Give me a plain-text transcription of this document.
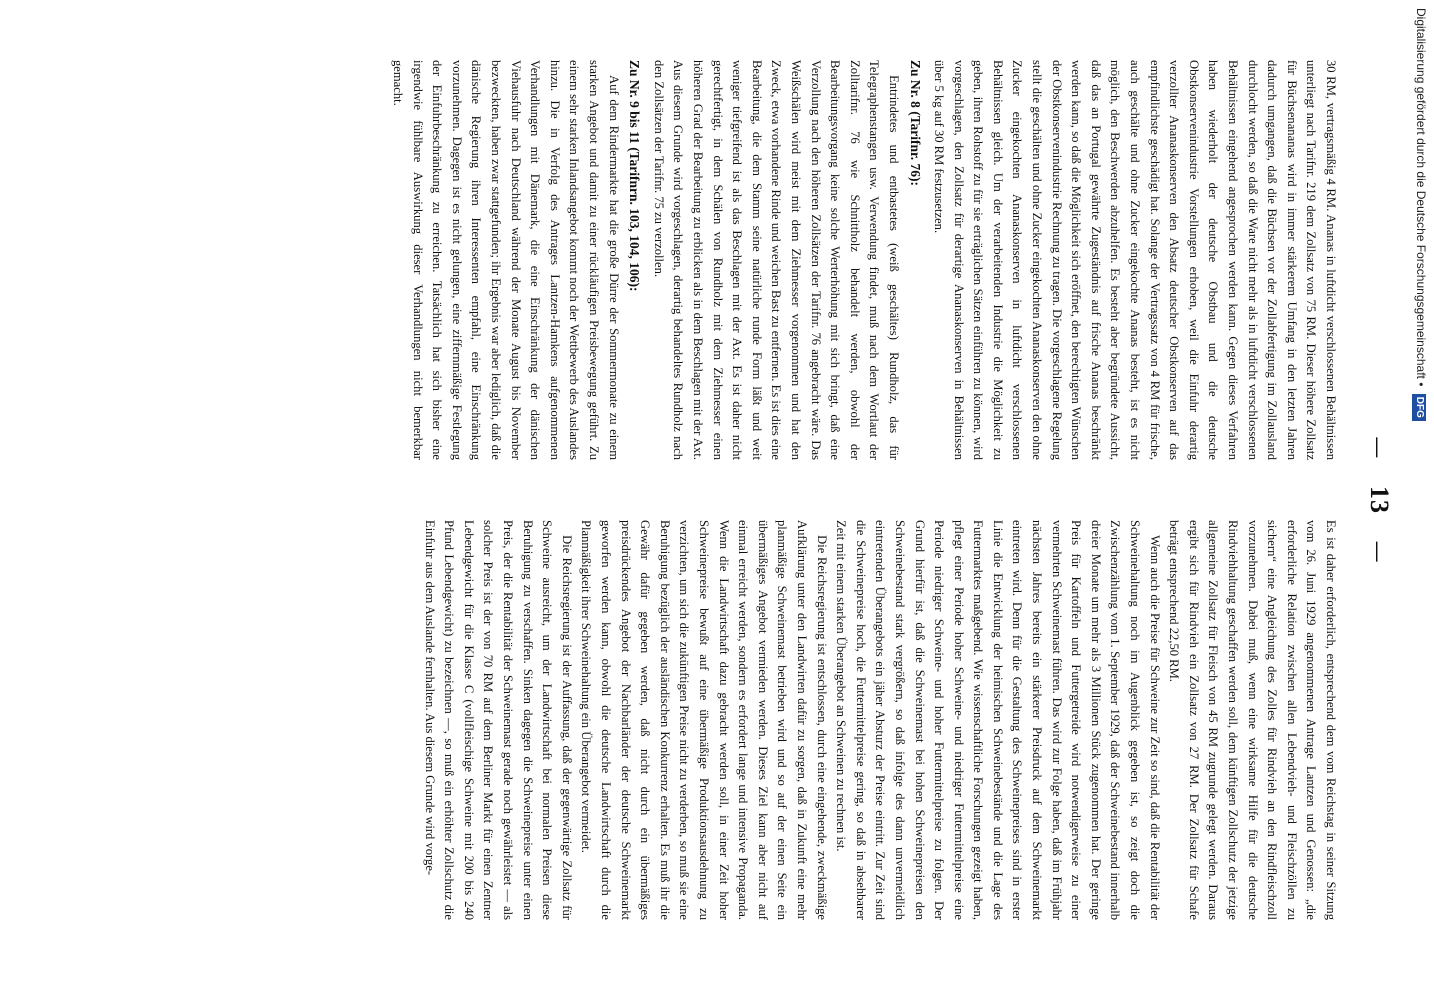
— 13 —

30 RM, vertragsmäßig 4 RM. Ananas in luftdicht verschlossenen Behältnissen unterliegt nach Tarifnr. 219 dem Zollsatz von 75 RM. Dieser höhere Zollsatz für Büchsenananas wird in immer stärkerem Umfang in den letzten Jahren dadurch umgangen, daß die Büchsen vor der Zollabfertigung im Zollausland durchlocht werden, so daß die Ware nicht mehr als in luftdicht verschlossenen Behältnissen eingehend angesprochen werden kann. Gegen dieses Verfahren haben wiederholt der deutsche Obstbau und die deutsche Obstkonservenindustrie Vorstellungen erhoben, weil die Einfuhr derartig verzollter Ananaskonserven den Absatz deutscher Obstkonserven auf das empfindlichste geschädigt hat. Solange der Vertragssatz von 4 RM für frische, auch geschälte und ohne Zucker eingekochte Ananas besteht, ist es nicht möglich, den Beschwerden abzuhelfen. Es besteht aber begründete Aussicht, daß das an Portugal gewährte Zugeständnis auf frische Ananas beschränkt werden kann, so daß die Möglichkeit sich eröffnet, den berechtigten Wünschen der Obstkonservenindustrie Rechnung zu tragen. Die vorgeschlagene Regelung stellt die geschälten und ohne Zucker eingekochten Ananaskonserven den ohne Zucker eingekochten Ananaskonserven in luftdicht verschlossenen Behältnissen gleich. Um der verarbeitenden Industrie die Möglichkeit zu geben, ihren Rohstoff zu für sie erträglichen Sätzen einführen zu können, wird vorgeschlagen, den Zollsatz für derartige Ananaskonserven in Behältnissen über 5 kg auf 30 RM festzusetzen.

Zu Nr. 8 (Tarifnr. 76):

Entrindetes und entbastetes (weiß geschältes) Rundholz, das für Telegraphenstangen usw. Verwendung findet, muß nach dem Wortlaut der Zolltarifnr. 76 wie Schnittholz behandelt werden, obwohl der Bearbeitungsvorgang keine solche Werterhöhung mit sich bringt, daß eine Verzollung nach den höheren Zollsätzen der Tarifnr. 76 angebracht wäre. Das Weißschälen wird meist mit dem Ziehmesser vorgenommen und hat den Zweck, etwa vorhandene Rinde und weichen Bast zu entfernen. Es ist dies eine Bearbeitung, die dem Stamm seine natürliche runde Form läßt und weit weniger tiefgreifend ist als das Beschlagen mit der Axt. Es ist daher nicht gerechtfertigt, in dem Schälen von Rundholz mit dem Ziehmesser einen höheren Grad der Bearbeitung zu erblicken als in dem Beschlagen mit der Axt. Aus diesem Grunde wird vorgeschlagen, derartig behandeltes Rundholz nach den Zollsätzen der Tarifnr. 75 zu verzollen.

Zu Nr. 9 bis 11 (Tarifnrn. 103, 104, 106):

Auf dem Rindermarkte hat die große Dürre der Sommermonate zu einem starken Angebot und damit zu einer rückläufigen Preisbewegung geführt. Zu einem sehr starken Inlandsangebot kommt noch der Wettbewerb des Auslandes hinzu. Die in Verfolg des Antrages Lantzen-Hamkens aufgenommenen Verhandlungen mit Dänemark, die eine Einschränkung der dänischen Viehausfuhr nach Deutschland während der Monate August bis November bezweckten, haben zwar stattgefunden; ihr Ergebnis war aber lediglich, daß die dänische Regierung ihren Interessenten empfahl, eine Einschränkung vorzunehmen. Dagegen ist es nicht gelungen, eine ziffernmäßige Festlegung der Einfuhrbeschränkung zu erreichen. Tatsächlich hat sich bisher eine irgendwie fühlbare Auswirkung dieser Verhandlungen nicht bemerkbar gemacht.

Es ist daher erforderlich, entsprechend dem vom Reichstag in seiner Sitzung vom 26. Juni 1929 angenommenen Antrage Lantzen und Genossen: „die erforderliche Relation zwischen allen Lebendvieh- und Fleischzöllen zu sichern“ eine Angleichung des Zolles für Rindvieh an den Rindfleischzoll vorzunehmen. Dabei muß, wenn eine wirksame Hilfe für die deutsche Rindviehhaltung geschaffen werden soll, dem künftigen Zollschutz der jetzige allgemeine Zollsatz für Fleisch von 45 RM zugrunde gelegt werden. Daraus ergibt sich für Rindvieh ein Zollsatz von 27 RM. Der Zollsatz für Schafe beträgt entsprechend 22,50 RM.

Wenn auch die Preise für Schweine zur Zeit so sind, daß die Rentabilität der Schweinehaltung noch im Augenblick gegeben ist, so zeigt doch die Zwischenzählung vom 1. September 1929, daß der Schweinebestand innerhalb dreier Monate um mehr als 3 Millionen Stück zugenommen hat. Der geringe Preis für Kartoffeln und Futtergetreide wird notwendigerweise zu einer vermehrten Schweinemast führen. Das wird zur Folge haben, daß im Frühjahr nächsten Jahres bereits ein stärkerer Preisdruck auf dem Schweinemarkt eintreten wird. Denn für die Gestaltung des Schweinepreises sind in erster Linie die Entwicklung der heimischen Schweinebestände und die Lage des Futtermarktes maßgebend. Wie wissenschaftliche Forschungen gezeigt haben, pflegt einer Periode hoher Schweine- und niedriger Futtermittelpreise eine Periode niedriger Schweine- und hoher Futtermittelpreise zu folgen. Der Grund hierfür ist, daß die Schweinemast bei hohen Schweinepreisen den Schweinebestand stark vergrößern, so daß infolge des dann unvermeidlich eintretenden Überangebots ein jäher Absturz der Preise eintritt. Zur Zeit sind die Schweinepreise hoch, die Futtermittelpreise gering, so daß in absehbarer Zeit mit einem starken Überangebot an Schweinen zu rechnen ist.

Die Reichsregierung ist entschlossen, durch eine eingehende, zweckmäßige Aufklärung unter den Landwirten dafür zu sorgen, daß in Zukunft eine mehr planmäßige Schweinemast betrieben wird und so auf der einen Seite ein übermäßiges Angebot vermieden werden. Dieses Ziel kann aber nicht auf einmal erreicht werden, sondern es erfordert lange und intensive Propaganda. Wenn die Landwirtschaft dazu gebracht werden soll, in einer Zeit hoher Schweinepreise bewußt auf eine übermäßige Produktionsausdehnung zu verzichten, um sich die zukünftigen Preise nicht zu verderben, so muß sie eine Beruhigung bezüglich der ausländischen Konkurrenz erhalten. Es muß ihr die Gewähr dafür gegeben werden, daß nicht durch ein übermäßiges preisdrückendes Angebot der Nachbarländer der deutsche Schweinemarkt geworfen werden kann, obwohl die deutsche Landwirtschaft durch die Planmäßigkeit ihrer Schweinehaltung ein Überangebot vermeidet.

Die Reichsregierung ist der Auffassung, daß der gegenwärtige Zollsatz für Schweine ausreicht, um der Landwirtschaft bei normalen Preisen diese Beruhigung zu verschaffen. Sinken dagegen die Schweinepreise unter einen Preis, der die Rentabilität der Schweinemast gerade noch gewährleistet — als solcher Preis ist der von 70 RM auf dem Berliner Markt für einen Zentner Lebendgewicht für die Klasse C (vollfleischige Schweine mit 200 bis 240 Pfund Lebendgewicht) zu bezeichnen —, so muß ein erhöhter Zollschutz die Einfuhr aus dem Auslande fernhalten. Aus diesem Grunde wird vorge-

Digitalisierung gefördert durch die Deutsche Forschungsgemeinschaft • DFG
